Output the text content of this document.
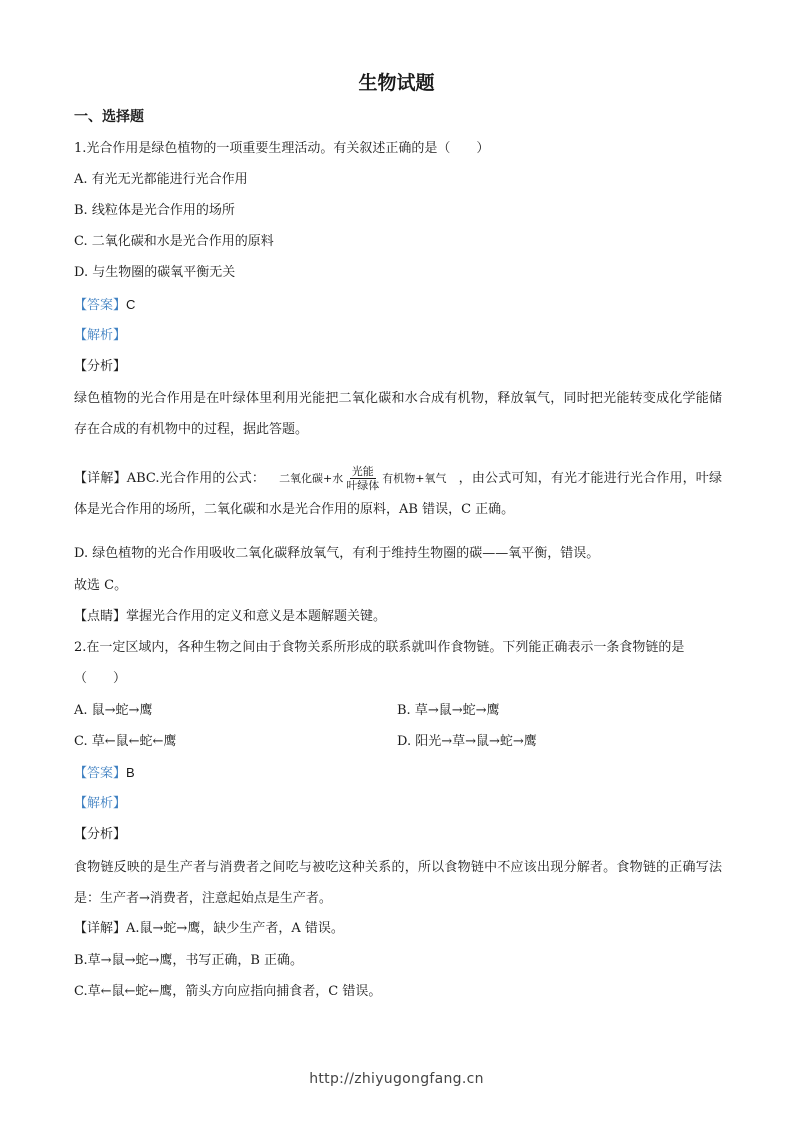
生物试题
一、选择题
1.光合作用是绿色植物的一项重要生理活动。有关叙述正确的是（　　）
A. 有光无光都能进行光合作用
B. 线粒体是光合作用的场所
C. 二氧化碳和水是光合作用的原料
D. 与生物圈的碳氧平衡无关
【答案】C
【解析】
【分析】
绿色植物的光合作用是在叶绿体里利用光能把二氧化碳和水合成有机物，释放氧气，同时把光能转变成化学能储存在合成的有机物中的过程，据此答题。
【详解】ABC.光合作用的公式： 二氧化碳+水 $\frac{\text{光能}}{\text{叶绿体}}$ 有机物+氧气 ，由公式可知，有光才能进行光合作用，叶绿体是光合作用的场所，二氧化碳和水是光合作用的原料，AB 错误，C 正确。
D. 绿色植物的光合作用吸收二氧化碳释放氧气，有利于维持生物圈的碳——氧平衡，错误。
故选 C。
【点睛】掌握光合作用的定义和意义是本题解题关键。
2.在一定区域内，各种生物之间由于食物关系所形成的联系就叫作食物链。下列能正确表示一条食物链的是
（　　）
A. 鼠→蛇→鹰	B. 草→鼠→蛇→鹰
C. 草←鼠←蛇←鹰	D. 阳光→草→鼠→蛇→鹰
【答案】B
【解析】
【分析】
食物链反映的是生产者与消费者之间吃与被吃这种关系的，所以食物链中不应该出现分解者。食物链的正确写法是：生产者→消费者，注意起始点是生产者。
【详解】A.鼠→蛇→鹰，缺少生产者，A 错误。
B.草→鼠→蛇→鹰，书写正确，B 正确。
C.草←鼠←蛇←鹰，箭头方向应指向捕食者，C 错误。
http://zhiyugongfang.cn
